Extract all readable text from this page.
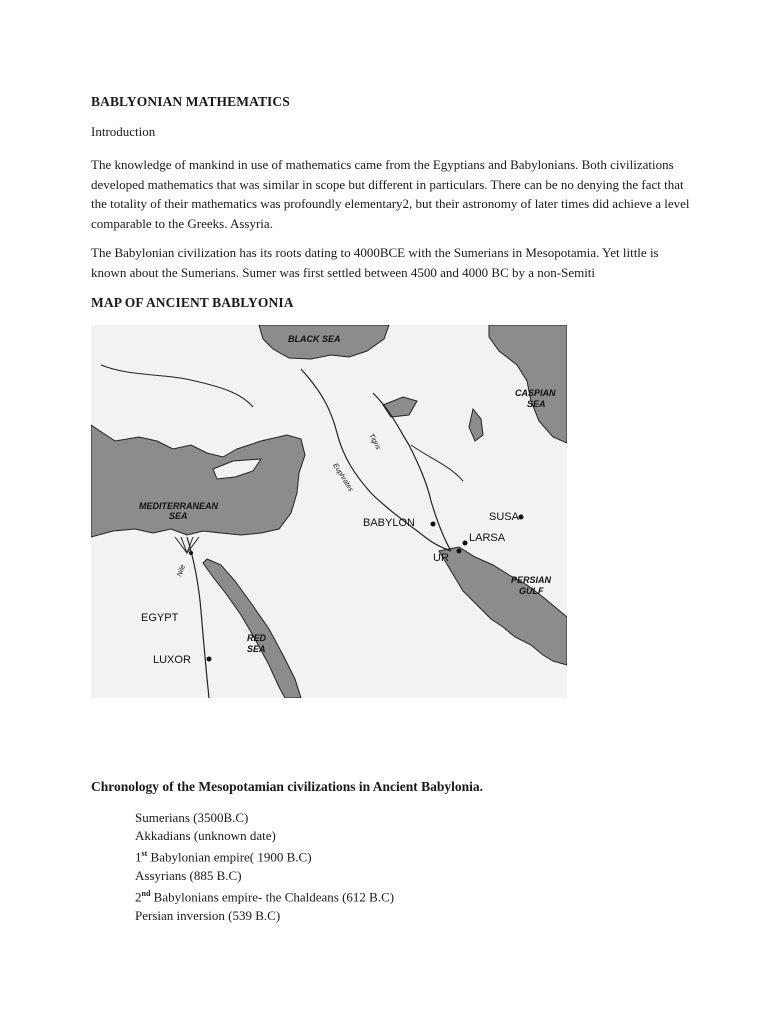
BABLYONIAN MATHEMATICS
Introduction
The knowledge of mankind in use of mathematics came from the Egyptians and Babylonians. Both civilizations developed mathematics that was similar in scope but different in particulars. There can be no denying the fact that the totality of their mathematics was profoundly elementary2, but their astronomy of later times did achieve a level comparable to the Greeks. Assyria.
The Babylonian civilization has its roots dating to 4000BCE with the Sumerians in Mesopotamia. Yet little is known about the Sumerians. Sumer was first settled between 4500 and 4000 BC by a non-Semiti
MAP OF ANCIENT BABLYONIA
BLACK SEA
CASPIAN
SEA
MEDITERRANEAN
SEA
Tigris
Euphrates
Nile
BABYLON	SUSA
LARSA
UR
PERSIAN
GULF
EGYPT
RED
SEA
LUXOR
Chronology of the Mesopotamian civilizations in Ancient Babylonia.
Sumerians (3500B.C)
Akkadians (unknown date)
1st Babylonian empire( 1900 B.C)
Assyrians (885 B.C)
2nd Babylonians empire- the Chaldeans (612 B.C)
Persian inversion (539 B.C)
